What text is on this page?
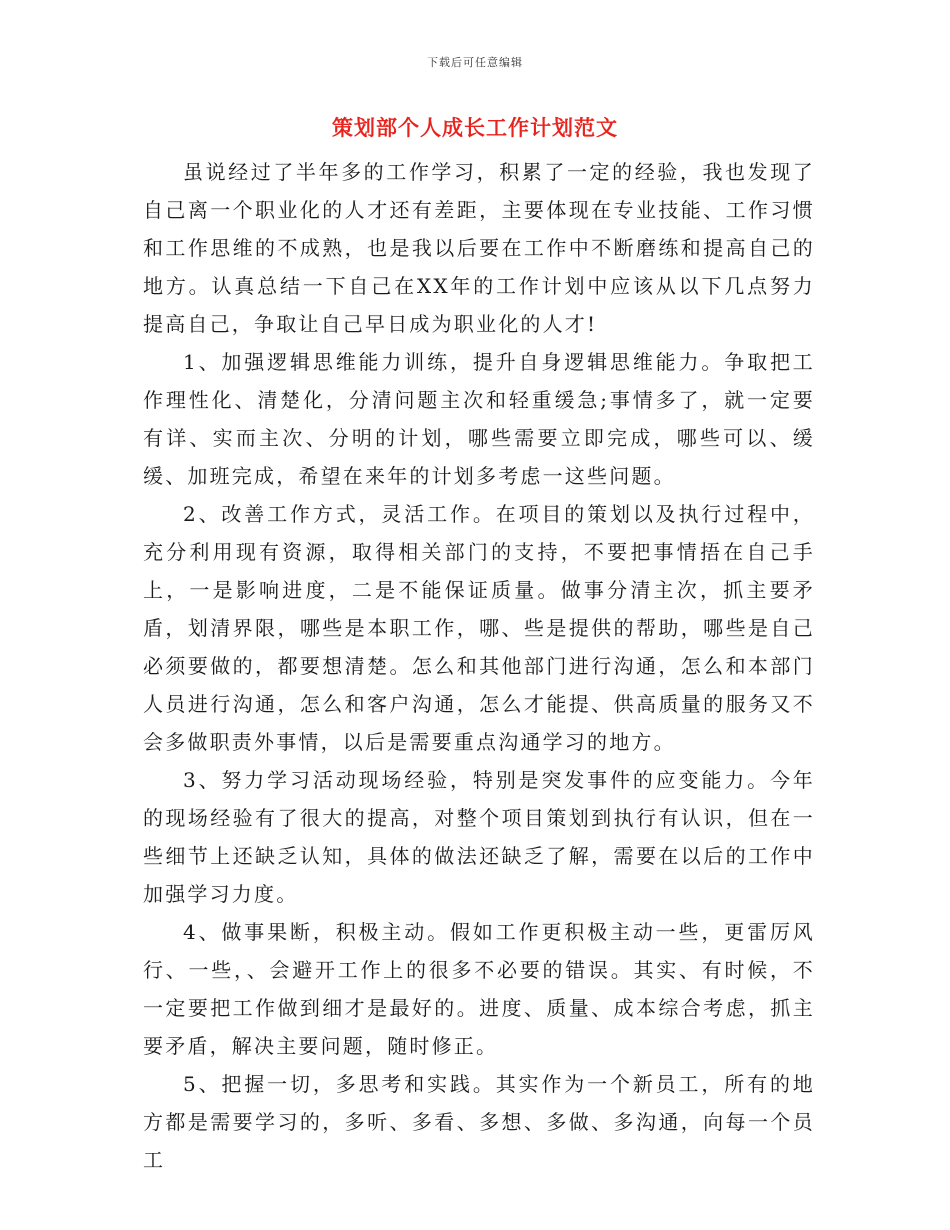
下载后可任意编辑
策划部个人成长工作计划范文

虽说经过了半年多的工作学习，积累了一定的经验，我也发现了自己离一个职业化的人才还有差距，主要体现在专业技能、工作习惯和工作思维的不成熟，也是我以后要在工作中不断磨练和提高自己的地方。认真总结一下自己在XX年的工作计划中应该从以下几点努力提高自己，争取让自己早日成为职业化的人才!

1、加强逻辑思维能力训练，提升自身逻辑思维能力。争取把工作理性化、清楚化，分清问题主次和轻重缓急;事情多了，就一定要有详、实而主次、分明的计划，哪些需要立即完成，哪些可以、缓缓、加班完成，希望在来年的计划多考虑一这些问题。

2、改善工作方式，灵活工作。在项目的策划以及执行过程中，充分利用现有资源，取得相关部门的支持，不要把事情捂在自己手上，一是影响进度，二是不能保证质量。做事分清主次，抓主要矛盾，划清界限，哪些是本职工作，哪、些是提供的帮助，哪些是自己必须要做的，都要想清楚。怎么和其他部门进行沟通，怎么和本部门人员进行沟通，怎么和客户沟通，怎么才能提、供高质量的服务又不会多做职责外事情，以后是需要重点沟通学习的地方。

3、努力学习活动现场经验，特别是突发事件的应变能力。今年的现场经验有了很大的提高，对整个项目策划到执行有认识，但在一些细节上还缺乏认知，具体的做法还缺乏了解，需要在以后的工作中加强学习力度。

4、做事果断，积极主动。假如工作更积极主动一些，更雷厉风行、一些，、会避开工作上的很多不必要的错误。其实、有时候，不一定要把工作做到细才是最好的。进度、质量、成本综合考虑，抓主要矛盾，解决主要问题，随时修正。

5、把握一切，多思考和实践。其实作为一个新员工，所有的地方都是需要学习的，多听、多看、多想、多做、多沟通，向每一个员工
